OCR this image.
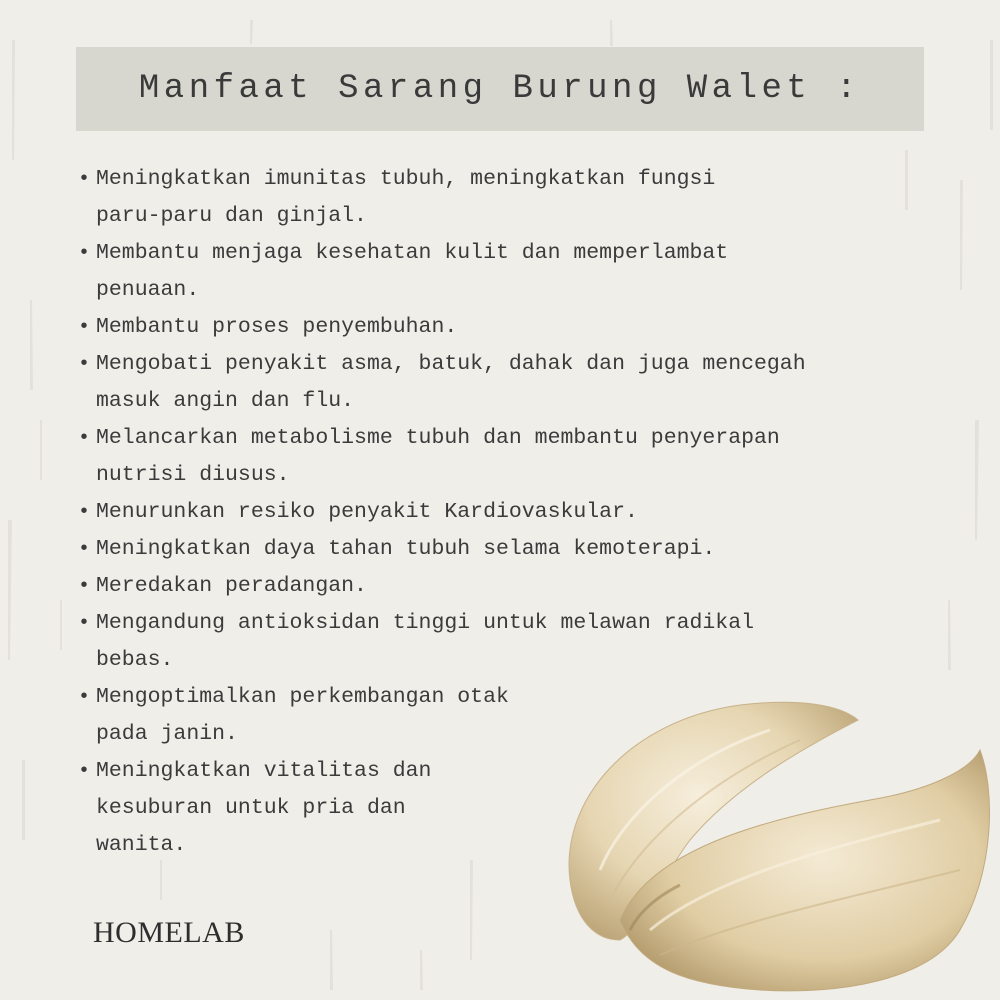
Manfaat Sarang Burung Walet :
• Meningkatkan imunitas tubuh, meningkatkan fungsi
paru-paru dan ginjal.
• Membantu menjaga kesehatan kulit dan memperlambat
penuaan.
• Membantu proses penyembuhan.
• Mengobati penyakit asma, batuk, dahak dan juga mencegah
masuk angin dan flu.
• Melancarkan metabolisme tubuh dan membantu penyerapan
nutrisi diusus.
• Menurunkan resiko penyakit Kardiovaskular.
• Meningkatkan daya tahan tubuh selama kemoterapi.
• Meredakan peradangan.
• Mengandung antioksidan tinggi untuk melawan radikal
bebas.
• Mengoptimalkan perkembangan otak
pada janin.
• Meningkatkan vitalitas dan
kesuburan untuk pria dan
wanita.
HOMELAB
